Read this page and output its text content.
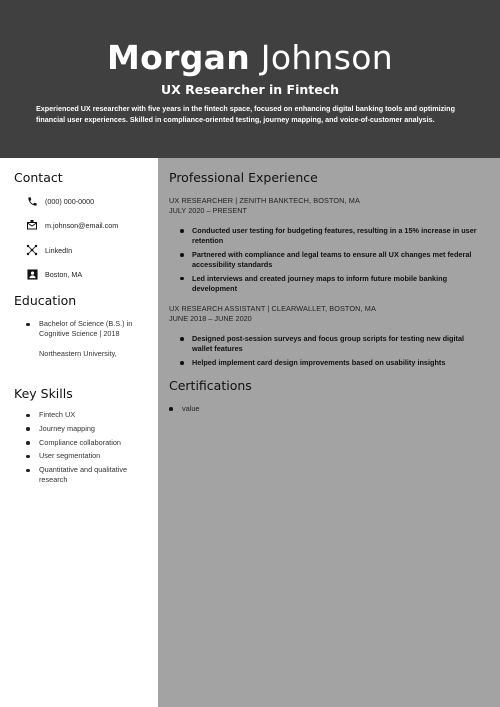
Morgan Johnson
UX Researcher in Fintech
Experienced UX researcher with five years in the fintech space, focused on enhancing digital banking tools and optimizing financial user experiences. Skilled in compliance-oriented testing, journey mapping, and voice-of-customer analysis.
Contact
(000) 000-0000
m.johnson@email.com
LinkedIn
Boston, MA
Education
Bachelor of Science (B.S.) in Cognitive Science | 2018
Key Skills
Fintech UX
Journey mapping
Compliance collaboration
User segmentation
Quantitative and qualitative research
Northeastern University,
Professional Experience
UX RESEARCHER | ZENITH BANKTECH, BOSTON, MA
JULY 2020 – PRESENT
Conducted user testing for budgeting features, resulting in a 15% increase in user retention
Partnered with compliance and legal teams to ensure all UX changes met federal accessibility standards
Led interviews and created journey maps to inform future mobile banking development
UX RESEARCH ASSISTANT | CLEARWALLET, BOSTON, MA
JUNE 2018 – JUNE 2020
Designed post-session surveys and focus group scripts for testing new digital wallet features
Helped implement card design improvements based on usability insights
Certifications
value
